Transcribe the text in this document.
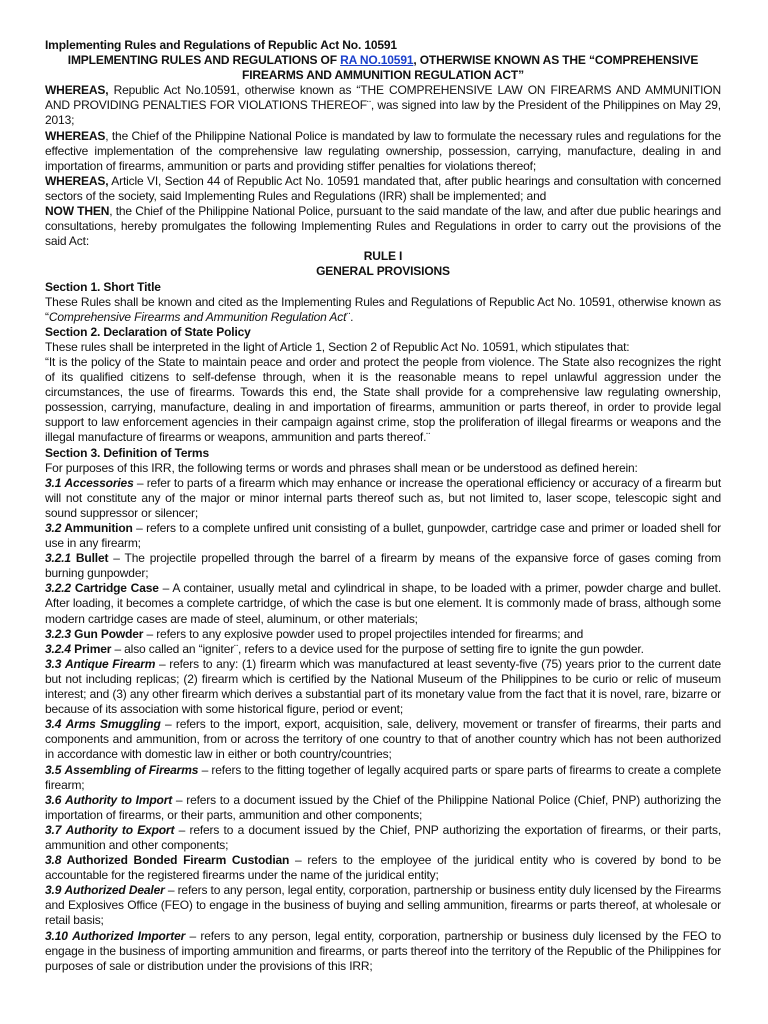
Implementing Rules and Regulations of Republic Act No. 10591

IMPLEMENTING RULES AND REGULATIONS OF RA NO.10591, OTHERWISE KNOWN AS THE “COMPREHENSIVE FIREARMS AND AMMUNITION REGULATION ACT”

WHEREAS, Republic Act No.10591, otherwise known as “THE COMPREHENSIVE LAW ON FIREARMS AND AMMUNITION AND PROVIDING PENALTIES FOR VIOLATIONS THEREOF¨, was signed into law by the President of the Philippines on May 29, 2013;

WHEREAS, the Chief of the Philippine National Police is mandated by law to formulate the necessary rules and regulations for the effective implementation of the comprehensive law regulating ownership, possession, carrying, manufacture, dealing in and importation of firearms, ammunition or parts and providing stiffer penalties for violations thereof;

WHEREAS, Article VI, Section 44 of Republic Act No. 10591 mandated that, after public hearings and consultation with concerned sectors of the society, said Implementing Rules and Regulations (IRR) shall be implemented; and

NOW THEN, the Chief of the Philippine National Police, pursuant to the said mandate of the law, and after due public hearings and consultations, hereby promulgates the following Implementing Rules and Regulations in order to carry out the provisions of the said Act:

RULE I

GENERAL PROVISIONS

Section 1. Short Title

These Rules shall be known and cited as the Implementing Rules and Regulations of Republic Act No. 10591, otherwise known as “Comprehensive Firearms and Ammunition Regulation Act¨.

Section 2. Declaration of State Policy

These rules shall be interpreted in the light of Article 1, Section 2 of Republic Act No. 10591, which stipulates that:

“It is the policy of the State to maintain peace and order and protect the people from violence. The State also recognizes the right of its qualified citizens to self-defense through, when it is the reasonable means to repel unlawful aggression under the circumstances, the use of firearms. Towards this end, the State shall provide for a comprehensive law regulating ownership, possession, carrying, manufacture, dealing in and importation of firearms, ammunition or parts thereof, in order to provide legal support to law enforcement agencies in their campaign against crime, stop the proliferation of illegal firearms or weapons and the illegal manufacture of firearms or weapons, ammunition and parts thereof.¨

Section 3. Definition of Terms

For purposes of this IRR, the following terms or words and phrases shall mean or be understood as defined herein:

3.1 Accessories – refer to parts of a firearm which may enhance or increase the operational efficiency or accuracy of a firearm but will not constitute any of the major or minor internal parts thereof such as, but not limited to, laser scope, telescopic sight and sound suppressor or silencer;

3.2 Ammunition – refers to a complete unfired unit consisting of a bullet, gunpowder, cartridge case and primer or loaded shell for use in any firearm;

3.2.1 Bullet – The projectile propelled through the barrel of a firearm by means of the expansive force of gases coming from burning gunpowder;

3.2.2 Cartridge Case – A container, usually metal and cylindrical in shape, to be loaded with a primer, powder charge and bullet. After loading, it becomes a complete cartridge, of which the case is but one element. It is commonly made of brass, although some modern cartridge cases are made of steel, aluminum, or other materials;

3.2.3 Gun Powder – refers to any explosive powder used to propel projectiles intended for firearms; and

3.2.4 Primer – also called an “igniter¨, refers to a device used for the purpose of setting fire to ignite the gun powder.

3.3 Antique Firearm – refers to any: (1) firearm which was manufactured at least seventy-five (75) years prior to the current date but not including replicas; (2) firearm which is certified by the National Museum of the Philippines to be curio or relic of museum interest; and (3) any other firearm which derives a substantial part of its monetary value from the fact that it is novel, rare, bizarre or because of its association with some historical figure, period or event;

3.4 Arms Smuggling – refers to the import, export, acquisition, sale, delivery, movement or transfer of firearms, their parts and components and ammunition, from or across the territory of one country to that of another country which has not been authorized in accordance with domestic law in either or both country/countries;

3.5 Assembling of Firearms – refers to the fitting together of legally acquired parts or spare parts of firearms to create a complete firearm;

3.6 Authority to Import – refers to a document issued by the Chief of the Philippine National Police (Chief, PNP) authorizing the importation of firearms, or their parts, ammunition and other components;

3.7 Authority to Export – refers to a document issued by the Chief, PNP authorizing the exportation of firearms, or their parts, ammunition and other components;

3.8 Authorized Bonded Firearm Custodian – refers to the employee of the juridical entity who is covered by bond to be accountable for the registered firearms under the name of the juridical entity;

3.9 Authorized Dealer – refers to any person, legal entity, corporation, partnership or business entity duly licensed by the Firearms and Explosives Office (FEO) to engage in the business of buying and selling ammunition, firearms or parts thereof, at wholesale or retail basis;

3.10 Authorized Importer – refers to any person, legal entity, corporation, partnership or business duly licensed by the FEO to engage in the business of importing ammunition and firearms, or parts thereof into the territory of the Republic of the Philippines for purposes of sale or distribution under the provisions of this IRR;
